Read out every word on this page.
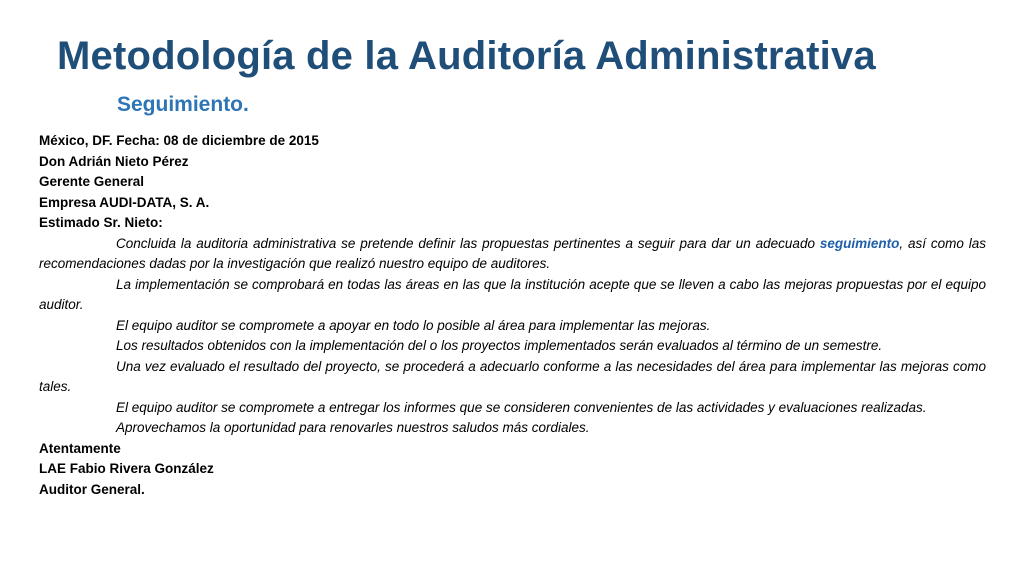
Metodología de la Auditoría Administrativa
Seguimiento.
México, DF. Fecha: 08 de diciembre de 2015
Don Adrián Nieto Pérez
Gerente General
Empresa AUDI-DATA, S. A.
Estimado Sr. Nieto:

Concluida la auditoria administrativa se pretende definir las propuestas pertinentes a seguir para dar un adecuado seguimiento, así como las recomendaciones dadas por la investigación que realizó nuestro equipo de auditores.

La implementación se comprobará en todas las áreas en las que la institución acepte que se lleven a cabo las mejoras propuestas por el equipo auditor.

El equipo auditor se compromete a apoyar en todo lo posible al área para implementar las mejoras.

Los resultados obtenidos con la implementación del o los proyectos implementados serán evaluados al término de un semestre.

Una vez evaluado el resultado del proyecto, se procederá a adecuarlo conforme a las necesidades del área para implementar las mejoras como tales.

El equipo auditor se compromete a entregar los informes que se consideren convenientes de las actividades y evaluaciones realizadas.

Aprovechamos la oportunidad para renovarles nuestros saludos más cordiales.

Atentamente
LAE Fabio Rivera González
Auditor General.
